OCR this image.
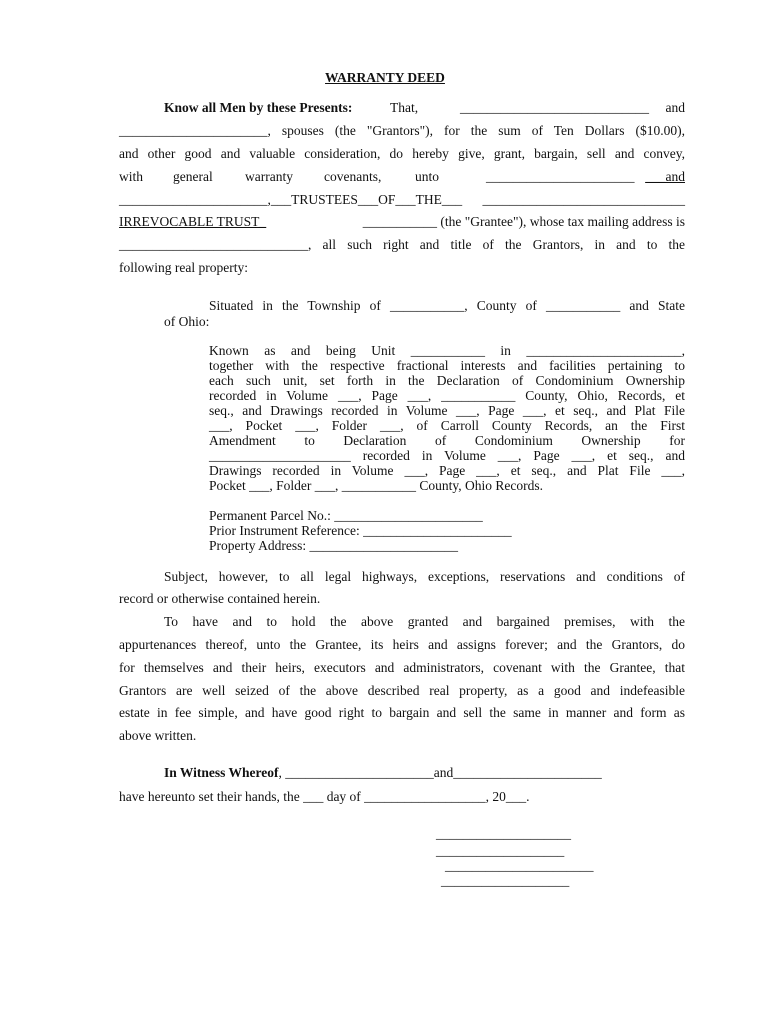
WARRANTY DEED
Know all Men by these Presents:	That,	____________________________ and
______________________, spouses (the "Grantors"), for the sum of Ten Dollars ($10.00),
and other good and valuable consideration, do hereby give, grant, bargain, sell and convey,
with general warranty covenants, unto	______________________ ___and
______________________,___TRUSTEES___OF___THE___ ______________________________
IRREVOCABLE TRUST_	___________ (the "Grantee"), whose tax mailing address is
____________________________, all such right and title of the Grantors, in and to the
following real property:
Situated in the Township of ___________, County of ___________ and State
of Ohio:
Known as and being Unit ___________ in _______________________,
together with the respective fractional interests and facilities pertaining to
each such unit, set forth in the Declaration of Condominium Ownership
recorded in Volume ___, Page ___, ___________ County, Ohio, Records, et
seq., and Drawings recorded in Volume ___, Page ___, et seq., and Plat File
___, Pocket ___, Folder ___, of Carroll County Records, an the First
Amendment to Declaration of Condominium Ownership for
_____________________ recorded in Volume ___, Page ___, et seq., and
Drawings recorded in Volume ___, Page ___, et seq., and Plat File ___,
Pocket ___, Folder ___, ___________ County, Ohio Records.
Permanent Parcel No.: ______________________
Prior Instrument Reference: ______________________
Property Address: ______________________
Subject, however, to all legal highways, exceptions, reservations and conditions of
record or otherwise contained herein.
To have and to hold the above granted and bargained premises, with the
appurtenances thereof, unto the Grantee, its heirs and assigns forever; and the Grantors, do
for themselves and their heirs, executors and administrators, covenant with the Grantee, that
Grantors are well seized of the above described real property, as a good and indefeasible
estate in fee simple, and have good right to bargain and sell the same in manner and form as
above written.
In Witness Whereof, ______________________and______________________
have hereunto set their hands, the ___ day of __________________, 20___.
____________________
___________________
______________________
___________________
